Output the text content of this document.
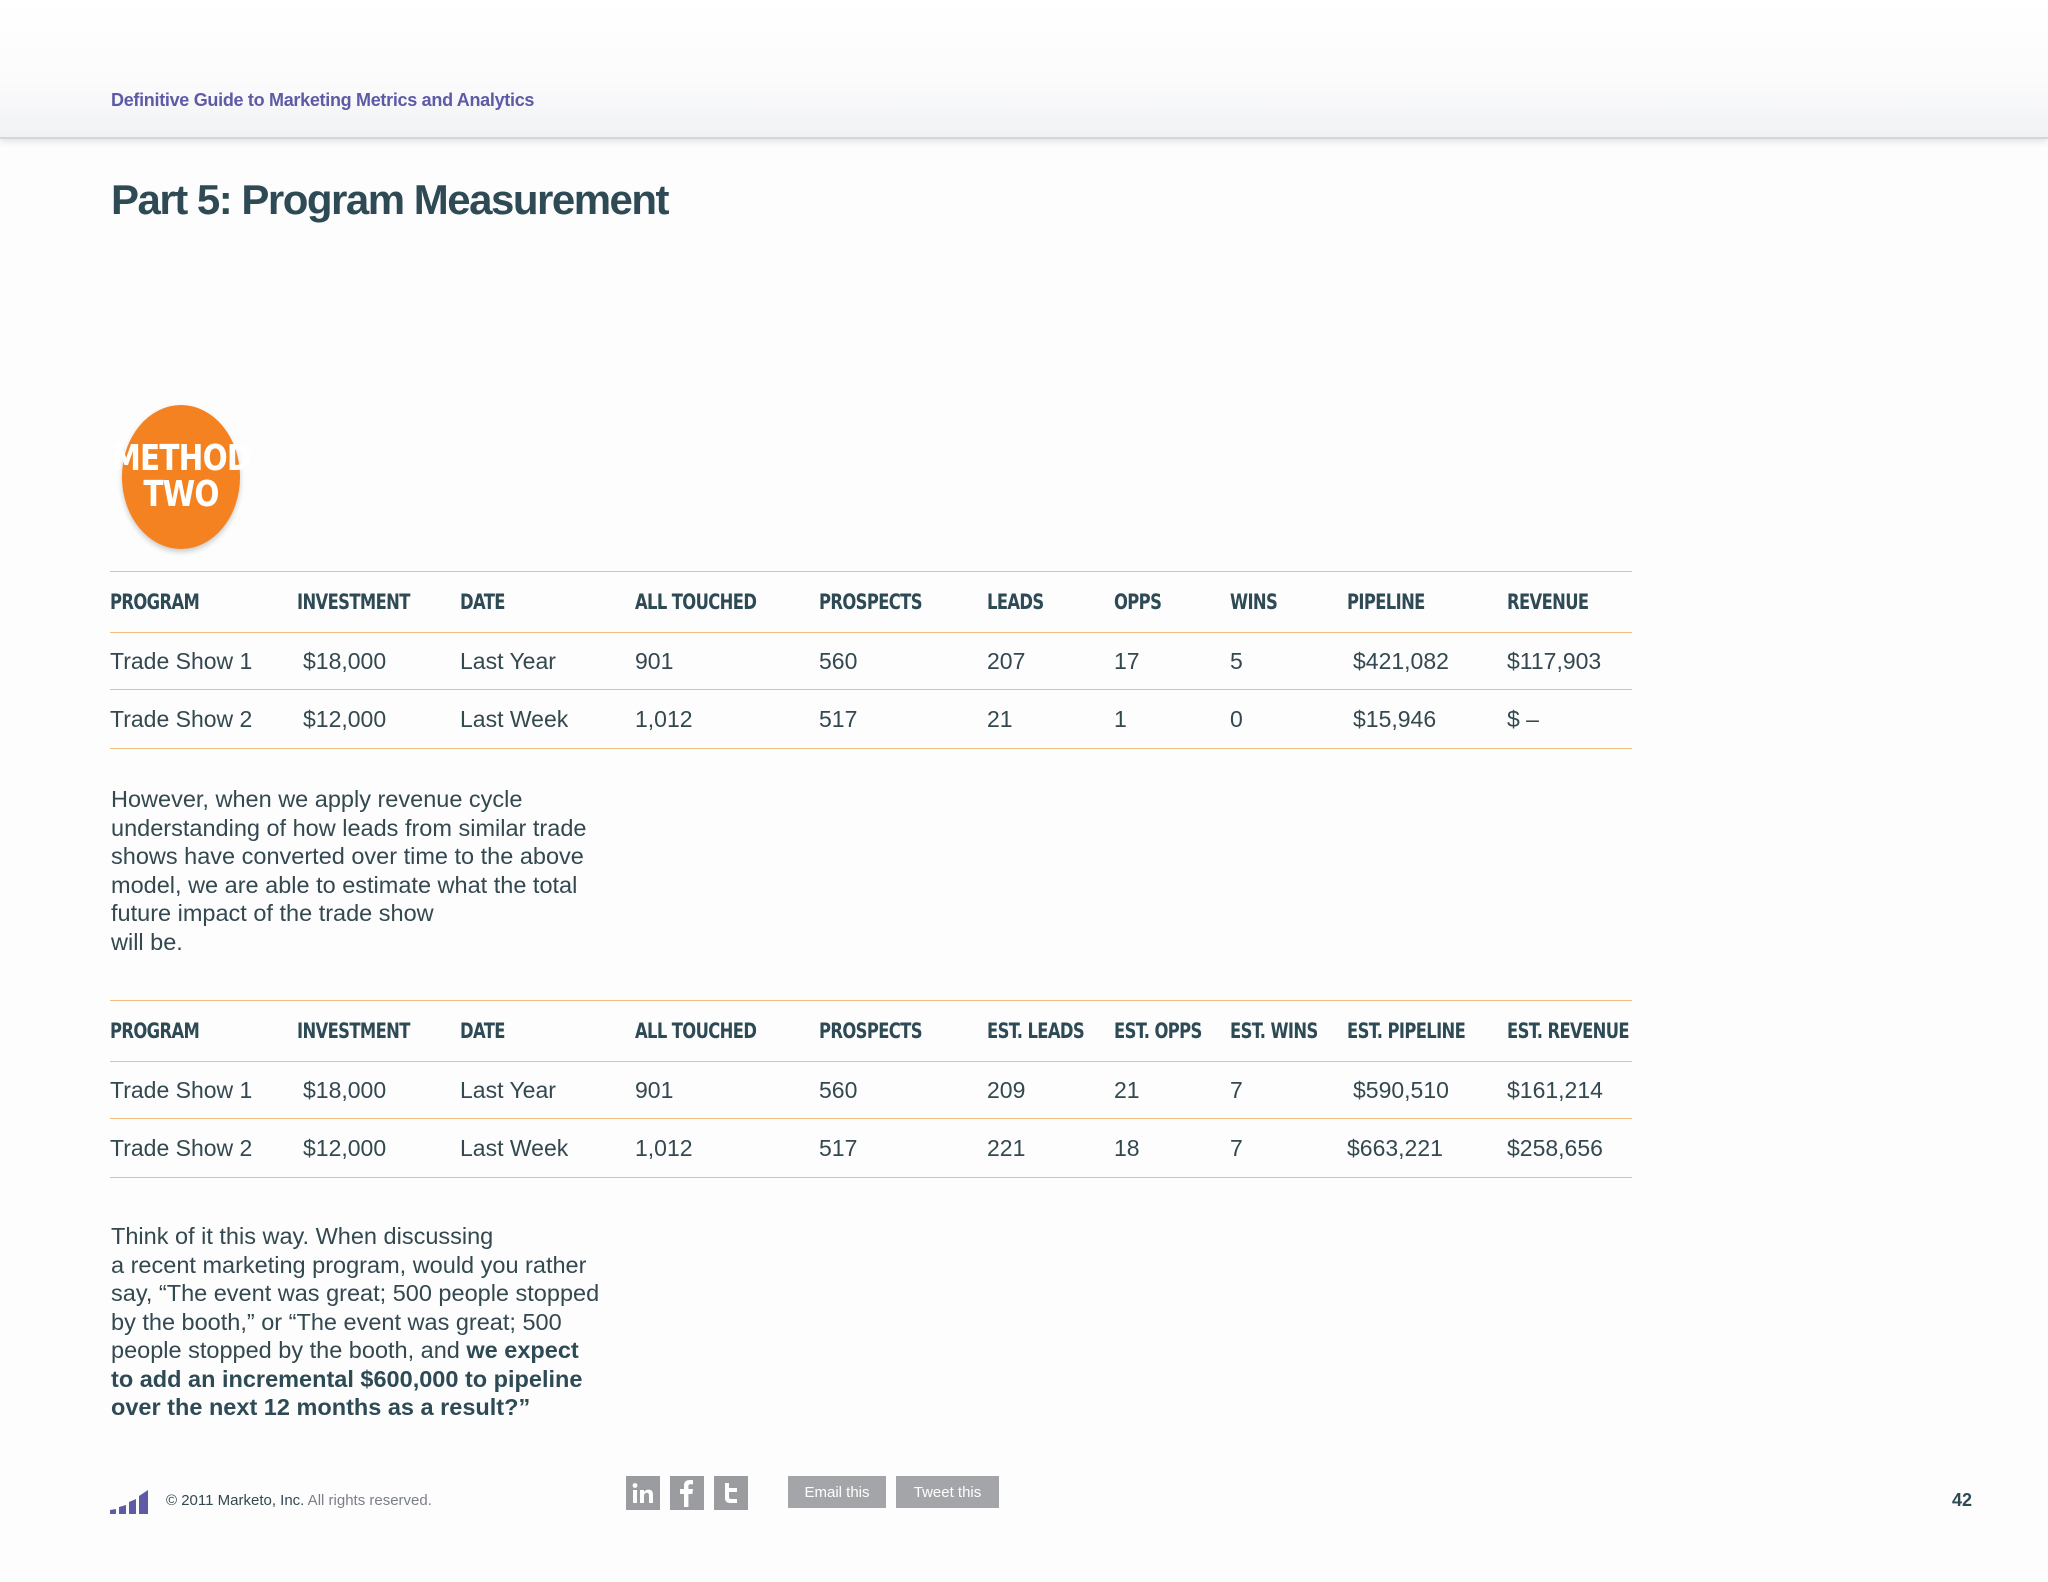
Definitive Guide to Marketing Metrics and Analytics
Part 5: Program Measurement
METHOD
TWO
PROGRAM	INVESTMENT	DATE	ALL TOUCHED	PROSPECTS	LEADS	OPPS	WINS	PIPELINE	REVENUE
Trade Show 1	$18,000	Last Year	901	560	207	17	5	$421,082	$117,903
Trade Show 2	$12,000	Last Week	1,012	517	21	1	0	$15,946	$ –

However, when we apply revenue cycle
understanding of how leads from similar trade
shows have converted over time to the above
model, we are able to estimate what the total
future impact of the trade show
will be.

PROGRAM	INVESTMENT	DATE	ALL TOUCHED	PROSPECTS	EST. LEADS	EST. OPPS	EST. WINS	EST. PIPELINE	EST. REVENUE
Trade Show 1	$18,000	Last Year	901	560	209	21	7	$590,510	$161,214
Trade Show 2	$12,000	Last Week	1,012	517	221	18	7	$663,221	$258,656

Think of it this way. When discussing
a recent marketing program, would you rather
say, “The event was great; 500 people stopped
by the booth,” or “The event was great; 500
people stopped by the booth, and we expect
to add an incremental $600,000 to pipeline
over the next 12 months as a result?”

© 2011 Marketo, Inc. All rights reserved.	Email this	Tweet this	42
